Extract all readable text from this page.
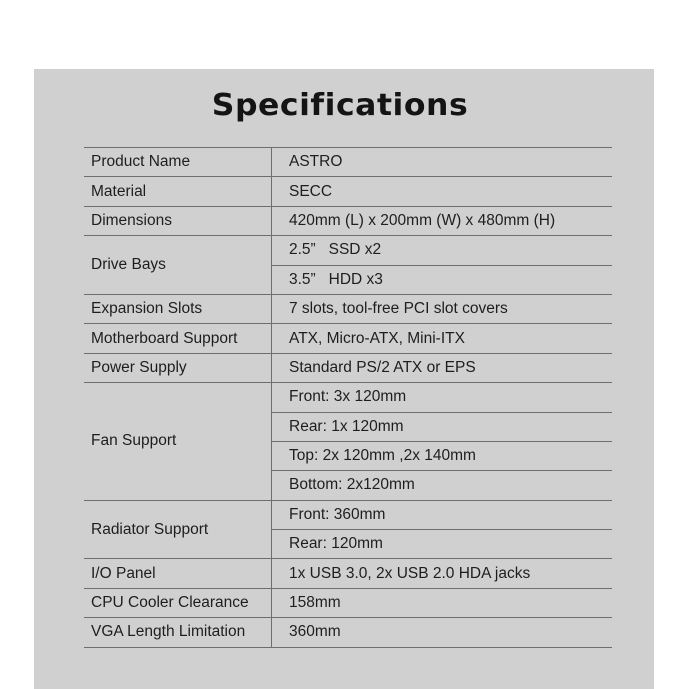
Specifications
Product Name	ASTRO
Material	SECC
Dimensions	420mm (L) x 200mm (W) x 480mm (H)
Drive Bays	2.5”   SSD x2
	3.5”   HDD x3
Expansion Slots	7 slots, tool-free PCI slot covers
Motherboard Support	ATX, Micro-ATX, Mini-ITX
Power Supply	Standard PS/2 ATX or EPS
Fan Support	Front: 3x 120mm
	Rear: 1x 120mm
	Top: 2x 120mm ,2x 140mm
	Bottom: 2x120mm
Radiator Support	Front: 360mm
	Rear: 120mm
I/O Panel	1x USB 3.0, 2x USB 2.0 HDA jacks
CPU Cooler Clearance	158mm
VGA Length Limitation	360mm
